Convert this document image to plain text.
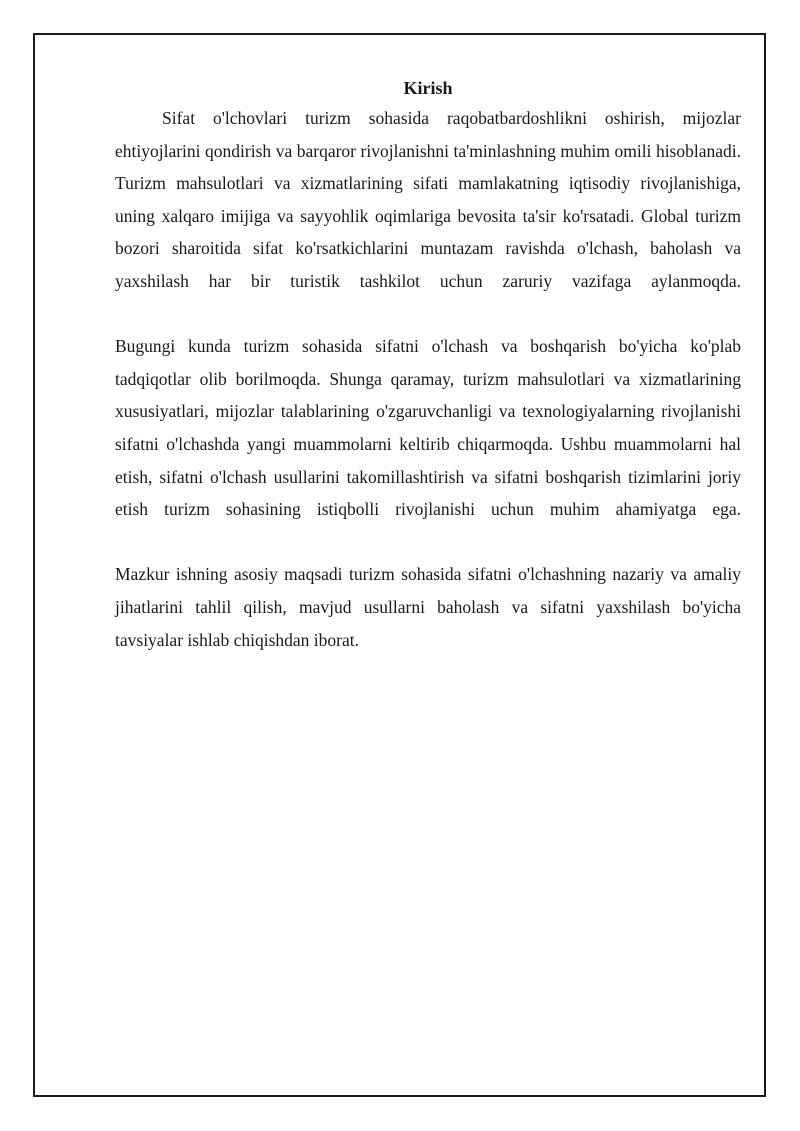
Kirish

Sifat o'lchovlari turizm sohasida raqobatbardoshlikni oshirish, mijozlar ehtiyojlarini qondirish va barqaror rivojlanishni ta'minlashning muhim omili hisoblanadi. Turizm mahsulotlari va xizmatlarining sifati mamlakatning iqtisodiy rivojlanishiga, uning xalqaro imijiga va sayyohlik oqimlariga bevosita ta'sir ko'rsatadi. Global turizm bozori sharoitida sifat ko'rsatkichlarini muntazam ravishda o'lchash, baholash va yaxshilash har bir turistik tashkilot uchun zaruriy vazifaga aylanmoqda.

Bugungi kunda turizm sohasida sifatni o'lchash va boshqarish bo'yicha ko'plab tadqiqotlar olib borilmoqda. Shunga qaramay, turizm mahsulotlari va xizmatlarining xususiyatlari, mijozlar talablarining o'zgaruvchanligi va texnologiyalarning rivojlanishi sifatni o'lchashda yangi muammolarni keltirib chiqarmoqda. Ushbu muammolarni hal etish, sifatni o'lchash usullarini takomillashtirish va sifatni boshqarish tizimlarini joriy etish turizm sohasining istiqbolli rivojlanishi uchun muhim ahamiyatga ega.

Mazkur ishning asosiy maqsadi turizm sohasida sifatni o'lchashning nazariy va amaliy jihatlarini tahlil qilish, mavjud usullarni baholash va sifatni yaxshilash bo'yicha tavsiyalar ishlab chiqishdan iborat.
